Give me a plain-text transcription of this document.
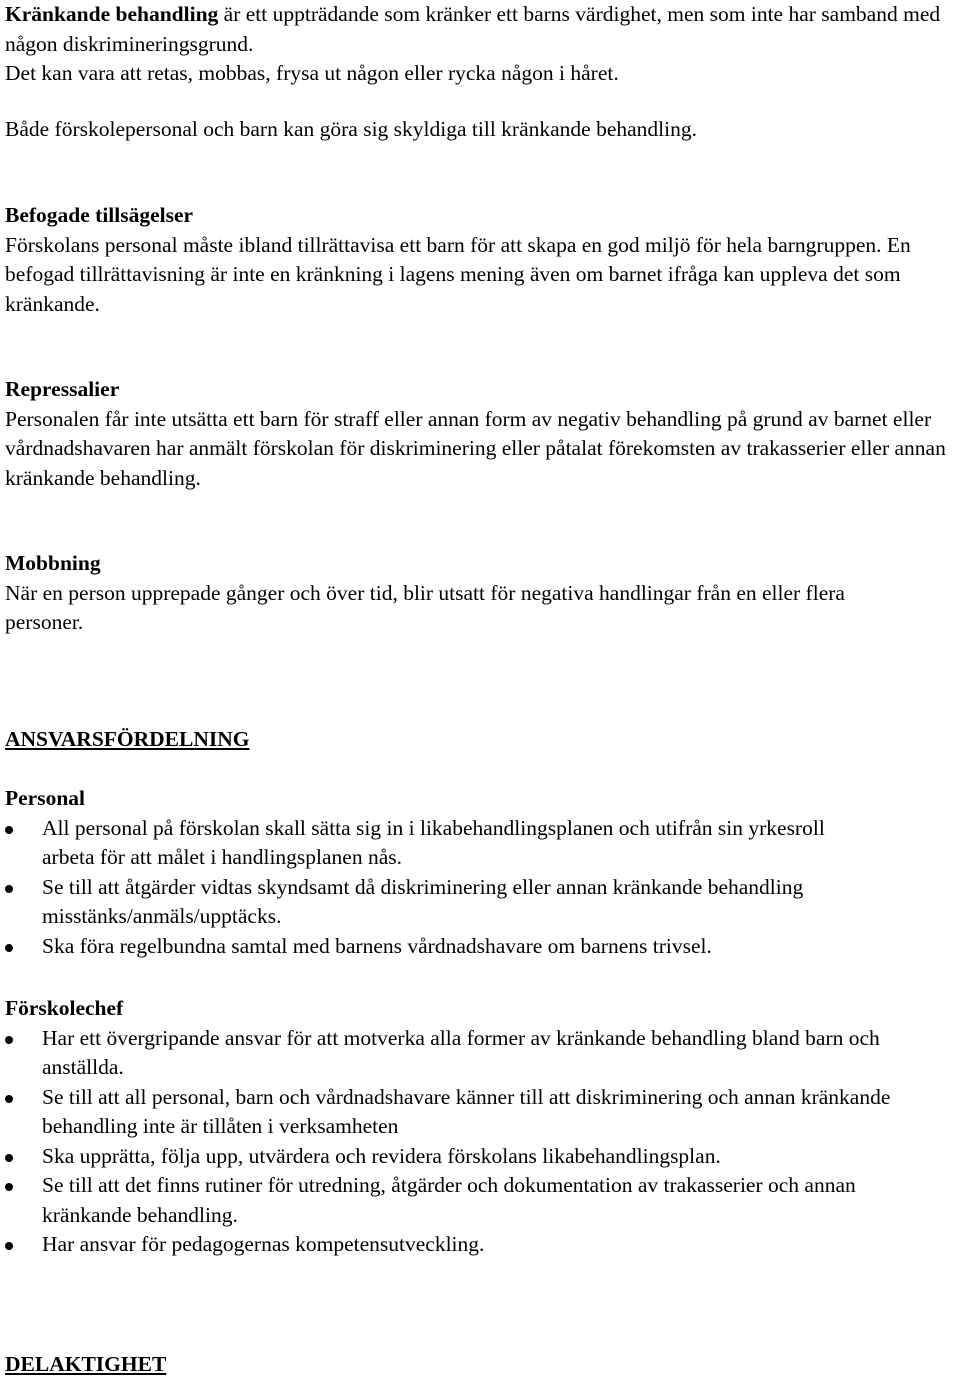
Kränkande behandling är ett uppträdande som kränker ett barns värdighet, men som inte har samband med någon diskrimineringsgrund.

Det kan vara att retas, mobbas, frysa ut någon eller rycka någon i håret.

Både förskolepersonal och barn kan göra sig skyldiga till kränkande behandling.

Befogade tillsägelser

Förskolans personal måste ibland tillrättavisa ett barn för att skapa en god miljö för hela barngruppen. En befogad tillrättavisning är inte en kränkning i lagens mening även om barnet ifråga kan uppleva det som kränkande.

Repressalier

Personalen får inte utsätta ett barn för straff eller annan form av negativ behandling på grund av barnet eller vårdnadshavaren har anmält förskolan för diskriminering eller påtalat förekomsten av trakasserier eller annan kränkande behandling.

Mobbning

När en person upprepade gånger och över tid, blir utsatt för negativa handlingar från en eller flera personer.

ANSVARSFÖRDELNING

Personal

All personal på förskolan skall sätta sig in i likabehandlingsplanen och utifrån sin yrkesroll arbeta för att målet i handlingsplanen nås.
Se till att åtgärder vidtas skyndsamt då diskriminering eller annan kränkande behandling misstänks/anmäls/upptäcks.
Ska föra regelbundna samtal med barnens vårdnadshavare om barnens trivsel.

Förskolechef

Har ett övergripande ansvar för att motverka alla former av kränkande behandling bland barn och anställda.
Se till att all personal, barn och vårdnadshavare känner till att diskriminering och annan kränkande behandling inte är tillåten i verksamheten
Ska upprätta, följa upp, utvärdera och revidera förskolans likabehandlingsplan.
Se till att det finns rutiner för utredning, åtgärder och dokumentation av trakasserier och annan kränkande behandling.
Har ansvar för pedagogernas kompetensutveckling.

DELAKTIGHET
